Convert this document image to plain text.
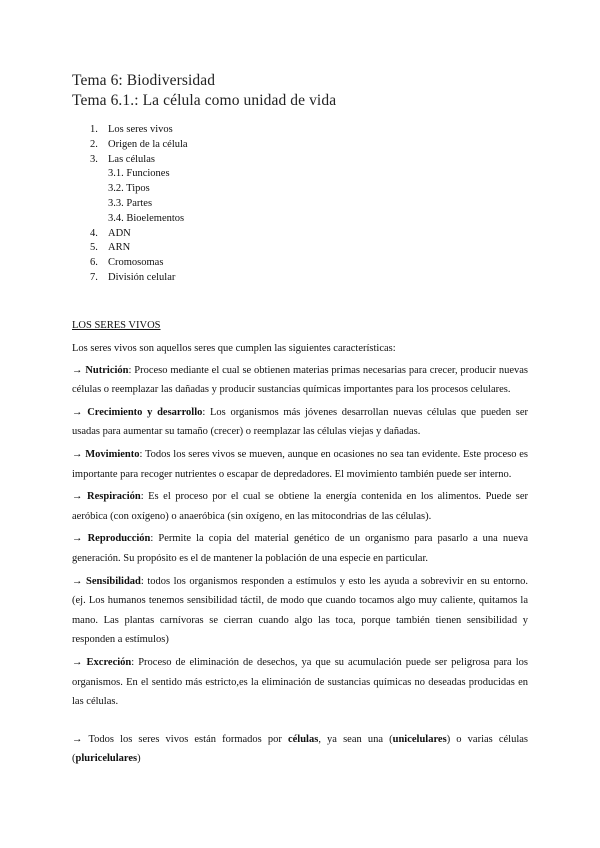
Tema 6: Biodiversidad
Tema 6.1.: La célula como unidad de vida
1. Los seres vivos
2. Origen de la célula
3. Las células
3.1. Funciones
3.2. Tipos
3.3. Partes
3.4. Bioelementos
4. ADN
5. ARN
6. Cromosomas
7. División celular

LOS SERES VIVOS

Los seres vivos son aquellos seres que cumplen las siguientes características:

→ Nutrición: Proceso mediante el cual se obtienen materias primas necesarias para crecer, producir nuevas células o reemplazar las dañadas y producir sustancias químicas importantes para los procesos celulares.

→ Crecimiento y desarrollo: Los organismos más jóvenes desarrollan nuevas células que pueden ser usadas para aumentar su tamaño (crecer) o reemplazar las células viejas y dañadas.

→ Movimiento: Todos los seres vivos se mueven, aunque en ocasiones no sea tan evidente. Este proceso es importante para recoger nutrientes o escapar de depredadores. El movimiento también puede ser interno.

→ Respiración: Es el proceso por el cual se obtiene la energía contenida en los alimentos. Puede ser aeróbica (con oxígeno) o anaeróbica (sin oxígeno, en las mitocondrias de las células).

→ Reproducción: Permite la copia del material genético de un organismo para pasarlo a una nueva generación. Su propósito es el de mantener la población de una especie en particular.

→ Sensibilidad: todos los organismos responden a estímulos y esto les ayuda a sobrevivir en su entorno. (ej. Los humanos tenemos sensibilidad táctil, de modo que cuando tocamos algo muy caliente, quitamos la mano. Las plantas carnívoras se cierran cuando algo las toca, porque también tienen sensibilidad y responden a estímulos)

→ Excreción: Proceso de eliminación de desechos, ya que su acumulación puede ser peligrosa para los organismos. En el sentido más estricto,es la eliminación de sustancias químicas no deseadas producidas en las células.

→ Todos los seres vivos están formados por células, ya sean una (unicelulares) o varias células (pluricelulares)
